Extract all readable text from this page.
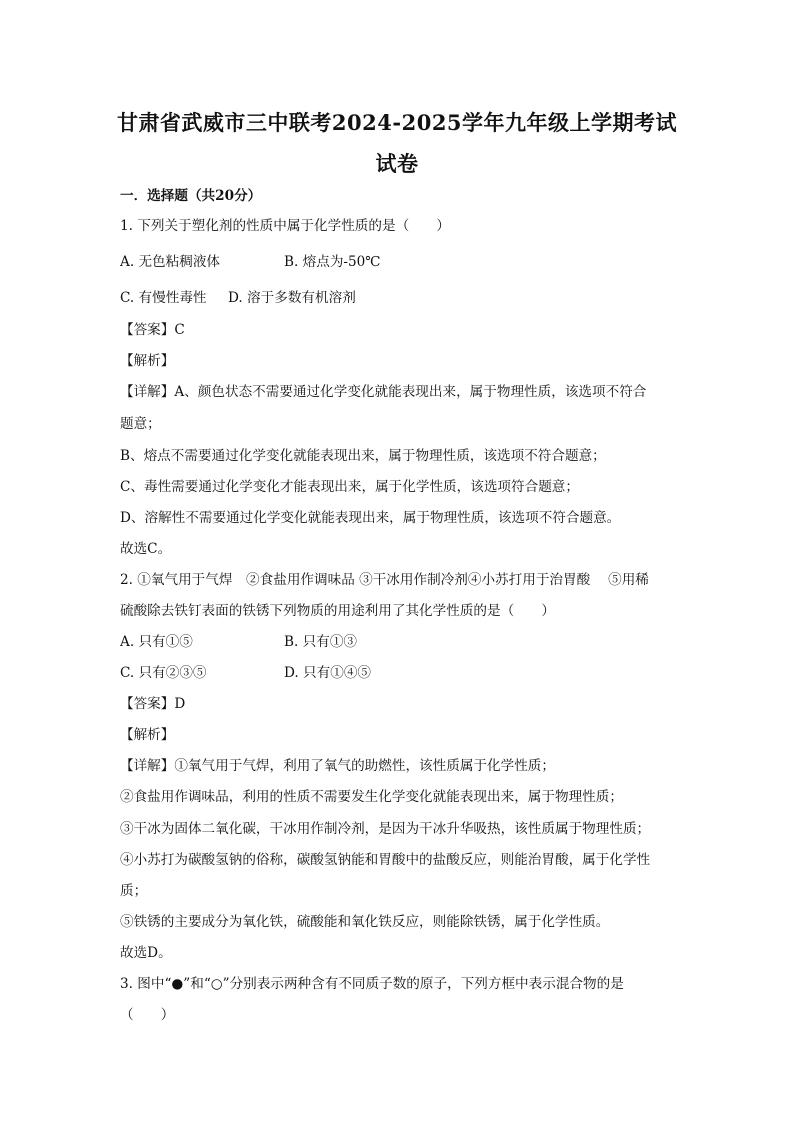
甘肃省武威市三中联考2024-2025学年九年级上学期考试
试卷
一．选择题（共20分）
1. 下列关于塑化剂的性质中属于化学性质的是（　　）
A. 无色粘稠液体	B. 熔点为-50℃
C. 有慢性毒性 D. 溶于多数有机溶剂
【答案】C
【解析】
【详解】A、颜色状态不需要通过化学变化就能表现出来，属于物理性质，该选项不符合
题意；
B、熔点不需要通过化学变化就能表现出来，属于物理性质，该选项不符合题意；
C、毒性需要通过化学变化才能表现出来，属于化学性质，该选项符合题意；
D、溶解性不需要通过化学变化就能表现出来，属于物理性质，该选项不符合题意。
故选C。
2. ①氧气用于气焊　②食盐用作调味品 ③干冰用作制冷剂④小苏打用于治胃酸　 ⑤用稀
硫酸除去铁钉表面的铁锈下列物质的用途利用了其化学性质的是（　　）
A. 只有①⑤	B. 只有①③
C. 只有②③⑤	D. 只有①④⑤
【答案】D
【解析】
【详解】①氧气用于气焊，利用了氧气的助燃性，该性质属于化学性质；
②食盐用作调味品，利用的性质不需要发生化学变化就能表现出来，属于物理性质；
③干冰为固体二氧化碳，干冰用作制冷剂，是因为干冰升华吸热，该性质属于物理性质；
④小苏打为碳酸氢钠的俗称，碳酸氢钠能和胃酸中的盐酸反应，则能治胃酸，属于化学性
质；
⑤铁锈的主要成分为氧化铁，硫酸能和氧化铁反应，则能除铁锈，属于化学性质。
故选D。
3. 图中“●”和“○”分别表示两种含有不同质子数的原子，下列方框中表示混合物的是
（　　）
